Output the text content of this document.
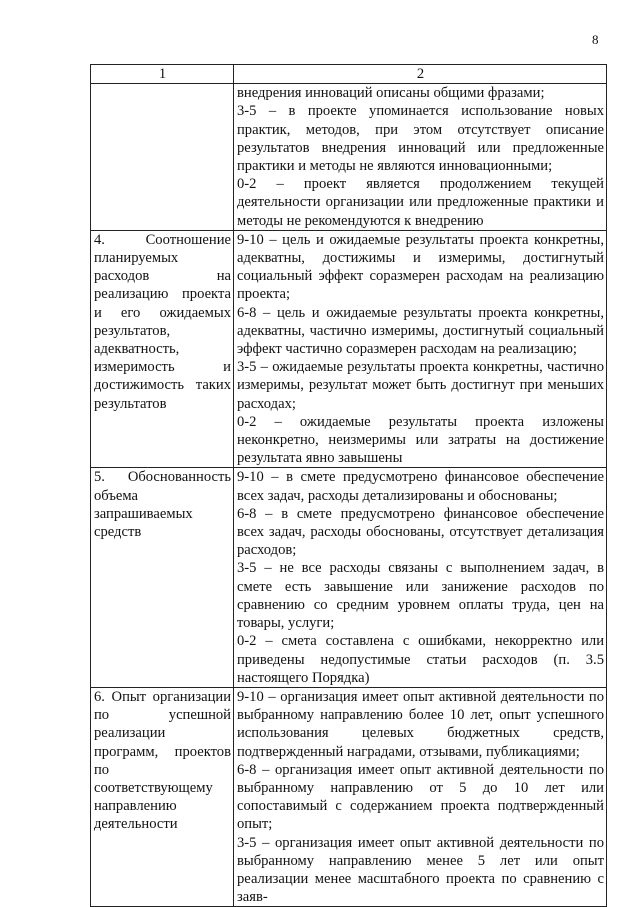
8
1	2

	внедрения инноваций описаны общими фразами;

3-5 – в проекте упоминается использование новых практик, методов, при этом отсутствует описание результатов внедрения инноваций или предложенные практики и методы не являются инновационными;

0-2 – проект является продолжением текущей деятельности организации или предложенные практики и методы не рекомендуются к внедрению

4. Соотношение планируемых расходов на реализацию проекта и его ожидаемых результатов, адекватность, измеримость и достижимость таких результатов	9-10 – цель и ожидаемые результаты проекта конкретны, адекватны, достижимы и измеримы, достигнутый социальный эффект соразмерен расходам на реализацию проекта;

6-8 – цель и ожидаемые результаты проекта конкретны, адекватны, частично измеримы, достигнутый социальный эффект частично соразмерен расходам на реализацию;

3-5 – ожидаемые результаты проекта конкретны, частично измеримы, результат может быть достигнут при меньших расходах;

0-2 – ожидаемые результаты проекта изложены неконкретно, неизмеримы или затраты на достижение результата явно завышены

5. Обоснованность объема запрашиваемых средств	9-10 – в смете предусмотрено финансовое обеспечение всех задач, расходы детализированы и обоснованы;

6-8 – в смете предусмотрено финансовое обеспечение всех задач, расходы обоснованы, отсутствует детализация расходов;

3-5 – не все расходы связаны с выполнением задач, в смете есть завышение или занижение расходов по сравнению со средним уровнем оплаты труда, цен на товары, услуги;

0-2 – смета составлена с ошибками, некорректно или приведены недопустимые статьи расходов (п. 3.5 настоящего Порядка)

6. Опыт организации по успешной реализации программ, проектов по соответствующему направлению деятельности	9-10 – организация имеет опыт активной деятельности по выбранному направлению более 10 лет, опыт успешного использования целевых бюджетных средств, подтвержденный наградами, отзывами, публикациями;

6-8 – организация имеет опыт активной деятельности по выбранному направлению от 5 до 10 лет или сопоставимый с содержанием проекта подтвержденный опыт;

3-5 – организация имеет опыт активной деятельности по выбранному направлению менее 5 лет или опыт реализации менее масштабного проекта по сравнению с заяв-
